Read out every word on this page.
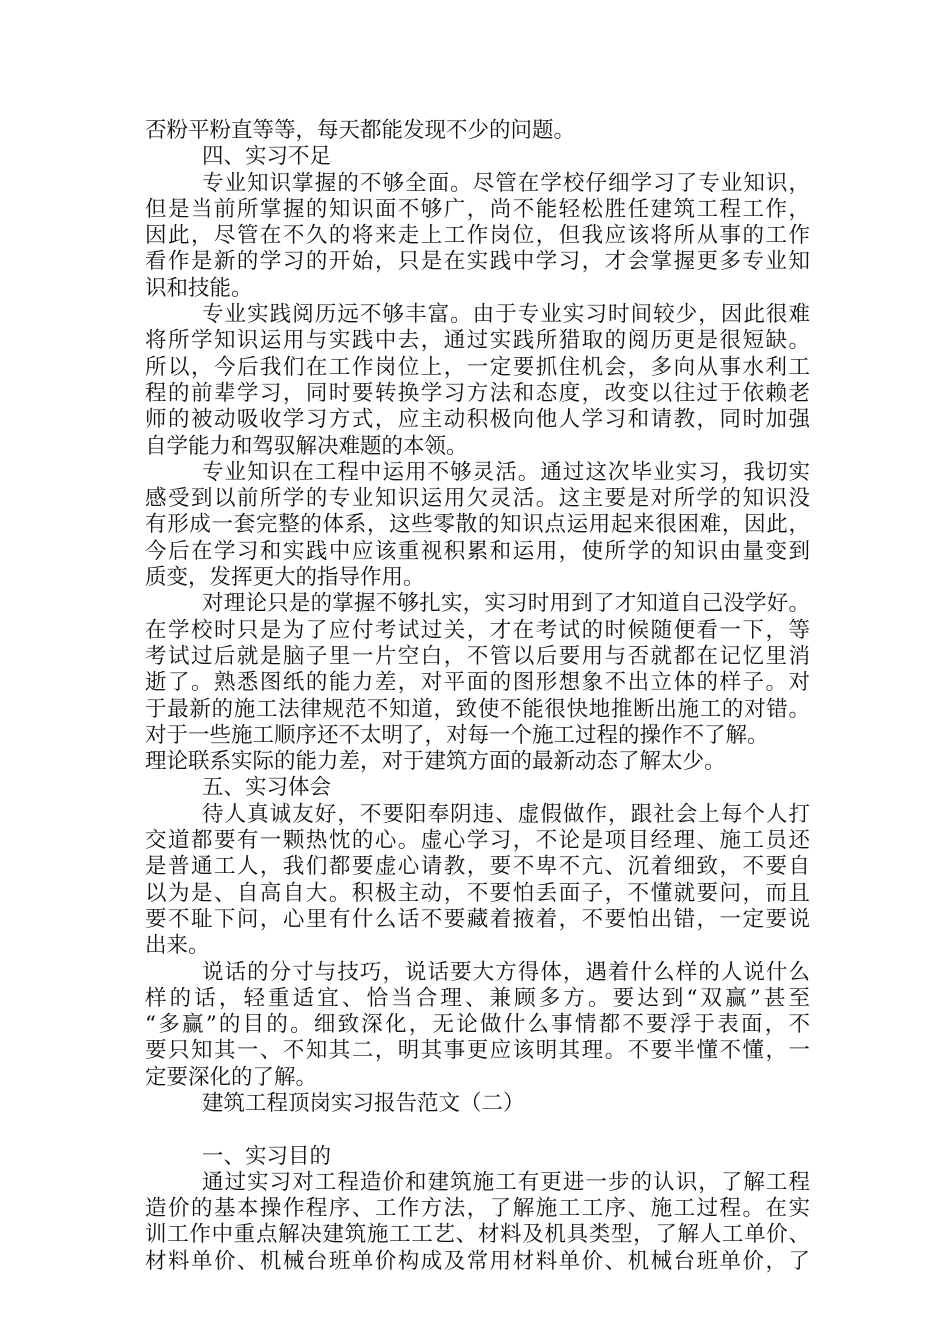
否粉平粉直等等，每天都能发现不少的问题。
四、实习不足
专业知识掌握的不够全面。尽管在学校仔细学习了专业知识，
但是当前所掌握的知识面不够广，尚不能轻松胜任建筑工程工作，
因此，尽管在不久的将来走上工作岗位，但我应该将所从事的工作
看作是新的学习的开始，只是在实践中学习，才会掌握更多专业知
识和技能。
专业实践阅历远不够丰富。由于专业实习时间较少，因此很难
将所学知识运用与实践中去，通过实践所猎取的阅历更是很短缺。
所以，今后我们在工作岗位上，一定要抓住机会，多向从事水利工
程的前辈学习，同时要转换学习方法和态度，改变以往过于依赖老
师的被动吸收学习方式，应主动积极向他人学习和请教，同时加强
自学能力和驾驭解决难题的本领。
专业知识在工程中运用不够灵活。通过这次毕业实习，我切实
感受到以前所学的专业知识运用欠灵活。这主要是对所学的知识没
有形成一套完整的体系，这些零散的知识点运用起来很困难，因此，
今后在学习和实践中应该重视积累和运用，使所学的知识由量变到
质变，发挥更大的指导作用。
对理论只是的掌握不够扎实，实习时用到了才知道自己没学好。
在学校时只是为了应付考试过关，才在考试的时候随便看一下，等
考试过后就是脑子里一片空白，不管以后要用与否就都在记忆里消
逝了。熟悉图纸的能力差，对平面的图形想象不出立体的样子。对
于最新的施工法律规范不知道，致使不能很快地推断出施工的对错。
对于一些施工顺序还不太明了，对每一个施工过程的操作不了解。
理论联系实际的能力差，对于建筑方面的最新动态了解太少。
五、实习体会
待人真诚友好，不要阳奉阴违、虚假做作，跟社会上每个人打
交道都要有一颗热忱的心。虚心学习，不论是项目经理、施工员还
是普通工人，我们都要虚心请教，要不卑不亢、沉着细致，不要自
以为是、自高自大。积极主动，不要怕丢面子，不懂就要问，而且
要不耻下问，心里有什么话不要藏着掖着，不要怕出错，一定要说
出来。
说话的分寸与技巧，说话要大方得体，遇着什么样的人说什么
样的话，轻重适宜、恰当合理、兼顾多方。要达到“双赢”甚至
“多赢”的目的。细致深化，无论做什么事情都不要浮于表面，不
要只知其一、不知其二，明其事更应该明其理。不要半懂不懂，一
定要深化的了解。
建筑工程顶岗实习报告范文（二）
一、实习目的
通过实习对工程造价和建筑施工有更进一步的认识，了解工程
造价的基本操作程序、工作方法，了解施工工序、施工过程。在实
训工作中重点解决建筑施工工艺、材料及机具类型，了解人工单价、
材料单价、机械台班单价构成及常用材料单价、机械台班单价，了
